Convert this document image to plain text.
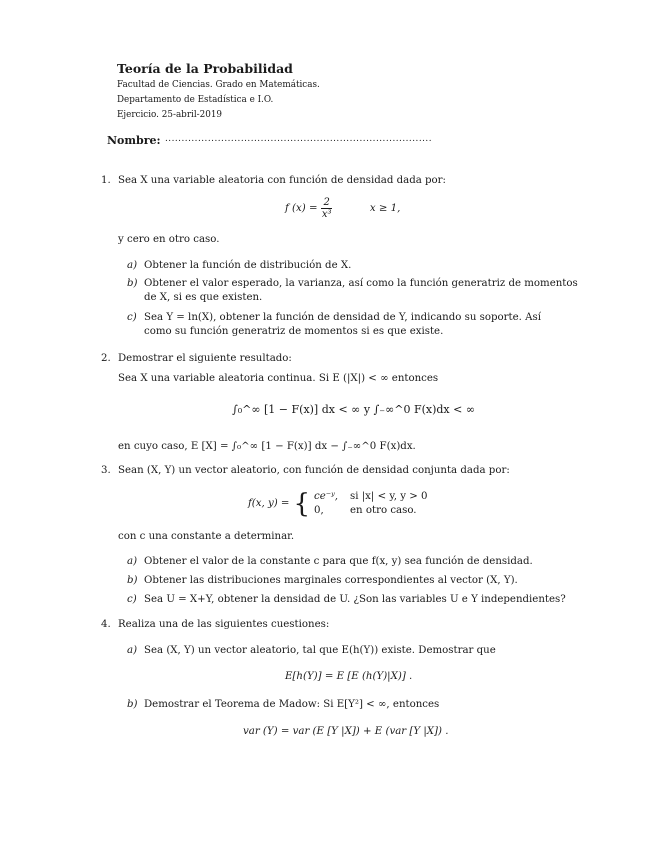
Teoría de la Probabilidad
Facultad de Ciencias. Grado en Matemáticas.
Departamento de Estadística e I.O.
Ejercicio. 25-abril-2019
Nombre: .................................................................................
1. Sea X una variable aleatoria con función de densidad dada por:
f $(x) = \frac{2}{\text{x³}}$	x ≥ 1,
y cero en otro caso.
a) Obtener la función de distribución de X.
b) Obtener el valor esperado, la varianza, así como la función generatriz de momentos
de X, si es que existen.
c) Sea Y = ln(X), obtener la función de densidad de Y, indicando su soporte. Así
como su función generatriz de momentos si es que existe.
2. Demostrar el siguiente resultado:
Sea X una variable aleatoria continua. Si E (|X|) < ∞ entonces
∫₀^∞ [1 − F(x)] dx < ∞ y ∫₋∞^0 F(x)dx < ∞
en cuyo caso, E [X] = ∫₀^∞ [1 − F(x)] dx − ∫₋∞^0 F(x)dx.
3. Sean (X, Y) un vector aleatorio, con función de densidad conjunta dada por:
f(x, y) = { ce⁻ʸ, si |x| < y, y > 0
0,	en otro caso.
con c una constante a determinar.
a) Obtener el valor de la constante c para que f(x, y) sea función de densidad.
b) Obtener las distribuciones marginales correspondientes al vector (X, Y).
c) Sea U = X+Y, obtener la densidad de U. ¿Son las variables U e Y independientes?
4. Realiza una de las siguientes cuestiones:
a) Sea (X, Y) un vector aleatorio, tal que E(h(Y)) existe. Demostrar que
E[h(Y)] = E [E (h(Y)|X)] .
b) Demostrar el Teorema de Madow: Si E[Y²] < ∞, entonces
var (Y) = var (E [Y |X]) + E (var [Y |X]) .
